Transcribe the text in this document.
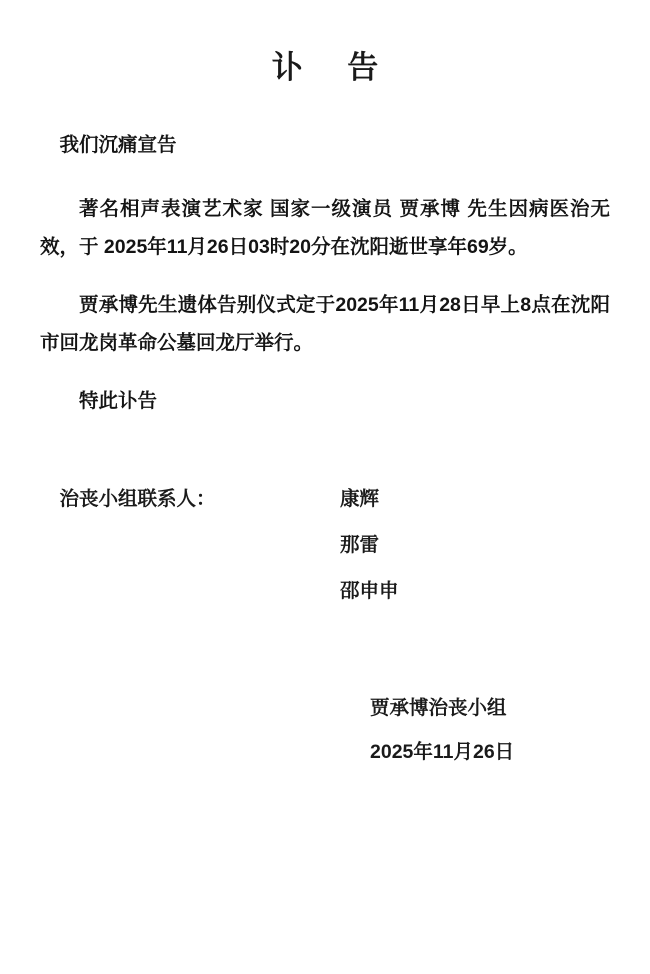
讣 告

我们沉痛宣告

著名相声表演艺术家 国家一级演员 贾承博 先生因病医治无效，于 2025年11月26日03时20分在沈阳逝世享年69岁。

贾承博先生遗体告别仪式定于2025年11月28日早上8点在沈阳市回龙岗革命公墓回龙厅举行。

特此讣告

治丧小组联系人：	康辉
那雷
邵申申
贾承博治丧小组
2025年11月26日
